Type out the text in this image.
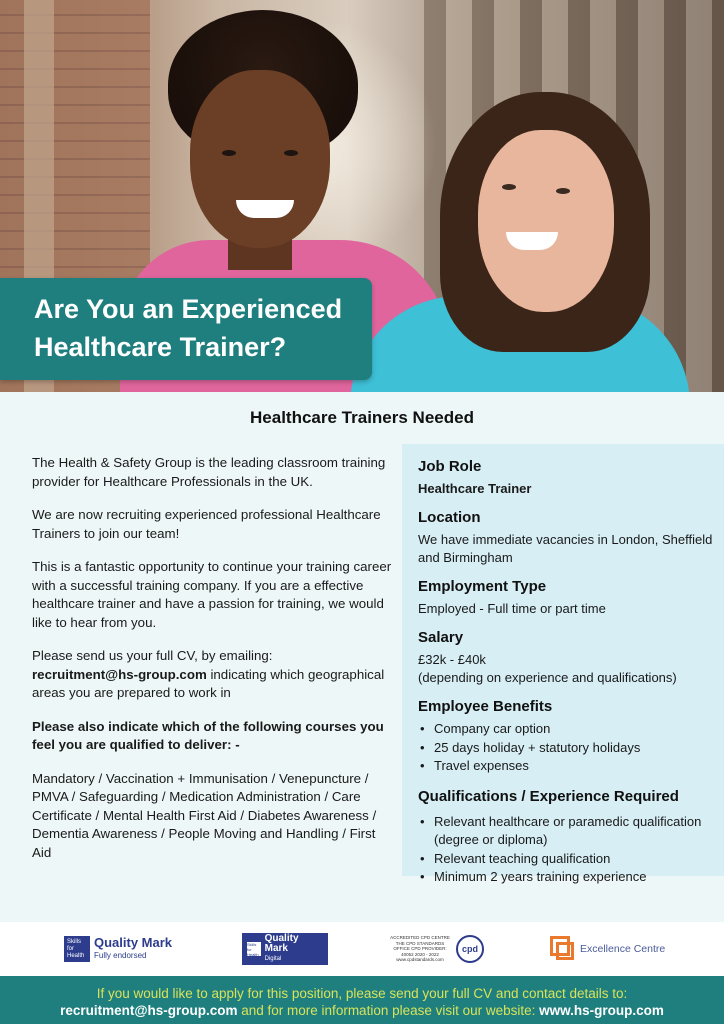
Are You an Experienced
Healthcare Trainer?
Healthcare Trainers Needed

The Health & Safety Group is the leading classroom training provider for Healthcare Professionals in the UK.

We are now recruiting experienced professional Healthcare Trainers to join our team!

This is a fantastic opportunity to continue your training career with a successful training company. If you are a effective healthcare trainer and have a passion for training, we would like to hear from you.

Please send us your full CV, by emailing:
recruitment@hs-group.com indicating which geographical areas you are prepared to work in

Please also indicate which of the following courses you feel you are qualified to deliver: -

Mandatory / Vaccination + Immunisation / Venepuncture / PMVA / Safeguarding / Medication Administration / Care Certificate / Mental Health First Aid / Diabetes Awareness / Dementia Awareness / People Moving and Handling / First Aid

Job Role
Healthcare Trainer
Location
We have immediate vacancies in London, Sheffield and Birmingham
Employment Type
Employed - Full time or part time
Salary
£32k - £40k
(depending on experience and qualifications)
Employee Benefits
• Company car option
• 25 days holiday + statutory holidays
• Travel expenses
Qualifications / Experience Required
• Relevant healthcare or paramedic qualification (degree or diploma)
• Relevant teaching qualification
• Minimum 2 years training experience
Skills for Health
Quality Mark
Fully endorsed
Skills for Health
Quality Mark
Digital
ACCREDITED CPD CENTRE THE CPD STANDARDS OFFICE CPD PROVIDER: 40052 2020 - 2022 www.cpdstandards.com
cpd	Excellence Centre
If you would like to apply for this position, please send your full CV and contact details to:
recruitment@hs-group.com and for more information please visit our website: www.hs-group.com
